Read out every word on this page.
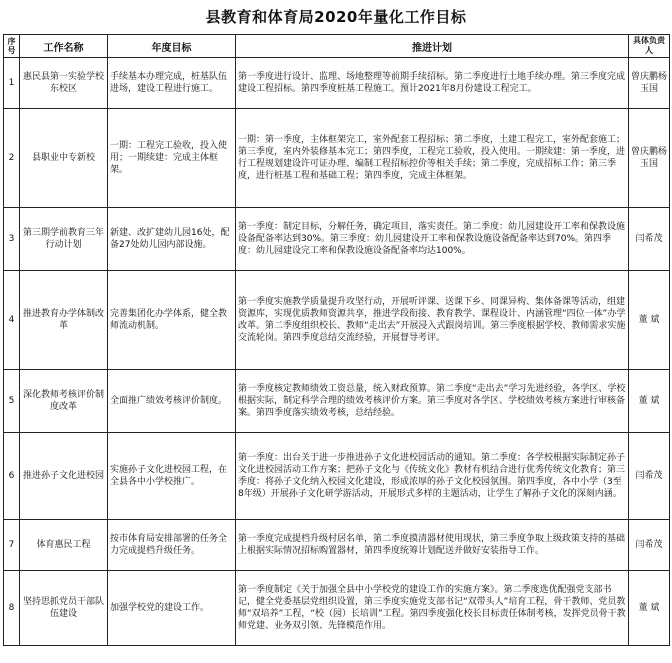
县教育和体育局2020年量化工作目标
序号	工作名称	年度目标	推进计划	具体负责人
1	惠民县第一实验学校东校区	手续基本办理完成，桩基队伍进场，建设工程进行施工。	第一季度进行设计、监理、场地整理等前期手续招标。第二季度进行土地手续办理。第三季度完成建设工程招标。第四季度桩基工程施工。预计2021年8月份建设工程完工。	曾庆鹏杨玉国
2	县职业中专新校	一期：工程完工验收，投入使用；一期续建：完成主体框架。	一期：第一季度，主体框架完工，室外配套工程招标；第二季度，土建工程完工，室外配套施工；第三季度，室内外装修基本完工；第四季度，工程完工验收，投入使用。一期续建：第一季度，进行工程规划建设许可证办理、编制工程招标控价等相关手续；第二季度，完成招标工作；第三季度，进行桩基工程和基础工程；第四季度，完成主体框架。	曾庆鹏杨玉国
3	第三期学前教育三年行动计划	新建、改扩建幼儿园16处，配备27处幼儿园内部设施。	第一季度：制定目标，分解任务，确定项目，落实责任。第二季度：幼儿园建设开工率和保教设施设备配备率达到30%。第三季度：幼儿园建设开工率和保教设施设备配备率达到70%。第四季度：幼儿园建设完工率和保教设施设备配备率均达100%。	闫希茂
4	推进教育办学体制改革	完善集团化办学体系，健全教师流动机制。	第一季度实施教学质量提升攻坚行动，开展听评课、送课下乡、同课异构、集体备课等活动，组建资源库，实现优质教师资源共享，推进学段衔接、教育教学、课程设计、内涵管理“四位一体”办学改革。第二季度组织校长、教师“走出去”开展浸入式跟岗培训。第三季度根据学校、教师需求实施交流轮岗。第四季度总结交流经验，开展督导考评。	董 斌
5	深化教师考核评价制度改革	全面推广绩效考核评价制度。	第一季度核定教师绩效工资总量，统入财政预算。第二季度“走出去”学习先进经验，各学区、学校根据实际，制定科学合理的绩效考核评价方案。第三季度对各学区、学校绩效考核方案进行审核备案。第四季度落实绩效考核，总结经验。	董 斌
6	推进孙子文化进校园	实施孙子文化进校园工程，在全县各中小学校推广。	第一季度：出台关于进一步推进孙子文化进校园活动的通知。第二季度：各学校根据实际制定孙子文化进校园活动工作方案；把孙子文化与《传统文化》教材有机结合进行优秀传统文化教育；第三季度：将孙子文化纳入校园文化建设，形成浓厚的孙子文化校园氛围。第四季度，各中小学（3至8年级）开展孙子文化研学游活动，开展形式多样的主题活动，让学生了解孙子文化的深刻内涵。	闫希茂
7	体育惠民工程	按市体育局安排部署的任务全力完成提档升级任务。	第一季度完成提档升级村居名单，第二季度摸清器材使用现状，第三季度争取上级政策支持的基础上根据实际情况招标购置器材，第四季度统筹计划配送并做好安装指导工作。	闫希茂
8	坚持思抓党员干部队伍建设	加强学校党的建设工作。	第一季度制定《关于加强全县中小学校党的建设工作的实施方案》。第二季度选优配强党支部书记，健全党委基层党组织设置，第三季度实施党支部书记“双带头人”培育工程，骨干教师、党员教师“双培养”工程，“校（园）长培训”工程。第四季度强化校长目标责任体制考核，发挥党员骨干教师党建、业务双引领、先锋模范作用。	董 斌
